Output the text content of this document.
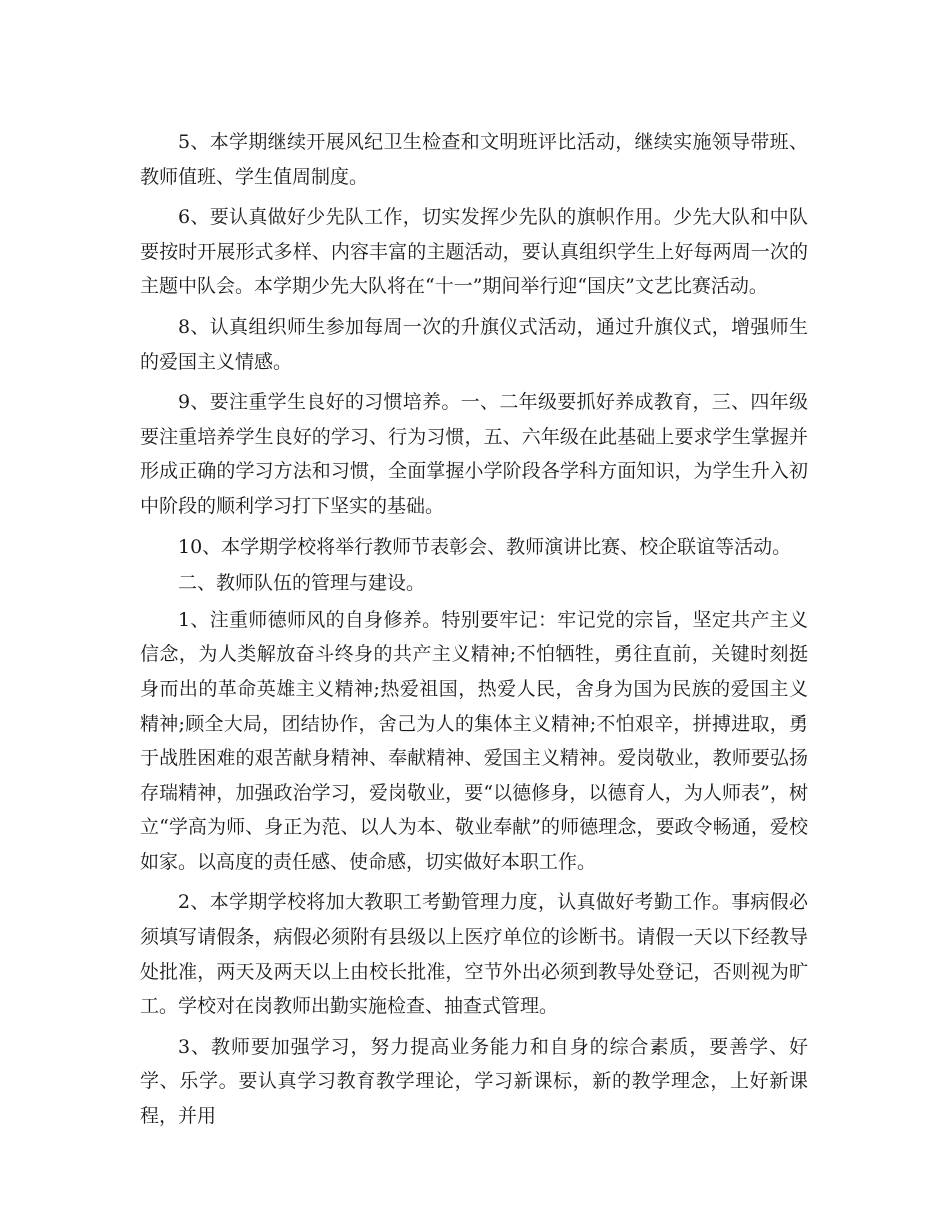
5、本学期继续开展风纪卫生检查和文明班评比活动，继续实施领导带班、教师值班、学生值周制度。

6、要认真做好少先队工作，切实发挥少先队的旗帜作用。少先大队和中队要按时开展形式多样、内容丰富的主题活动，要认真组织学生上好每两周一次的主题中队会。本学期少先大队将在“十一”期间举行迎“国庆”文艺比赛活动。

8、认真组织师生参加每周一次的升旗仪式活动，通过升旗仪式，增强师生的爱国主义情感。

9、要注重学生良好的习惯培养。一、二年级要抓好养成教育，三、四年级要注重培养学生良好的学习、行为习惯，五、六年级在此基础上要求学生掌握并形成正确的学习方法和习惯，全面掌握小学阶段各学科方面知识，为学生升入初中阶段的顺利学习打下坚实的基础。

10、本学期学校将举行教师节表彰会、教师演讲比赛、校企联谊等活动。

二、教师队伍的管理与建设。

1、注重师德师风的自身修养。特别要牢记：牢记党的宗旨，坚定共产主义信念，为人类解放奋斗终身的共产主义精神;不怕牺牲，勇往直前，关键时刻挺身而出的革命英雄主义精神;热爱祖国，热爱人民，舍身为国为民族的爱国主义精神;顾全大局，团结协作，舍己为人的集体主义精神;不怕艰辛，拼搏进取，勇于战胜困难的艰苦献身精神、奉献精神、爱国主义精神。爱岗敬业，教师要弘扬存瑞精神，加强政治学习，爱岗敬业，要“以德修身，以德育人，为人师表”，树立“学高为师、身正为范、以人为本、敬业奉献”的师德理念，要政令畅通，爱校如家。以高度的责任感、使命感，切实做好本职工作。

2、本学期学校将加大教职工考勤管理力度，认真做好考勤工作。事病假必须填写请假条，病假必须附有县级以上医疗单位的诊断书。请假一天以下经教导处批准，两天及两天以上由校长批准，空节外出必须到教导处登记，否则视为旷工。学校对在岗教师出勤实施检查、抽查式管理。

3、教师要加强学习，努力提高业务能力和自身的综合素质，要善学、好学、乐学。要认真学习教育教学理论，学习新课标，新的教学理念，上好新课程，并用
